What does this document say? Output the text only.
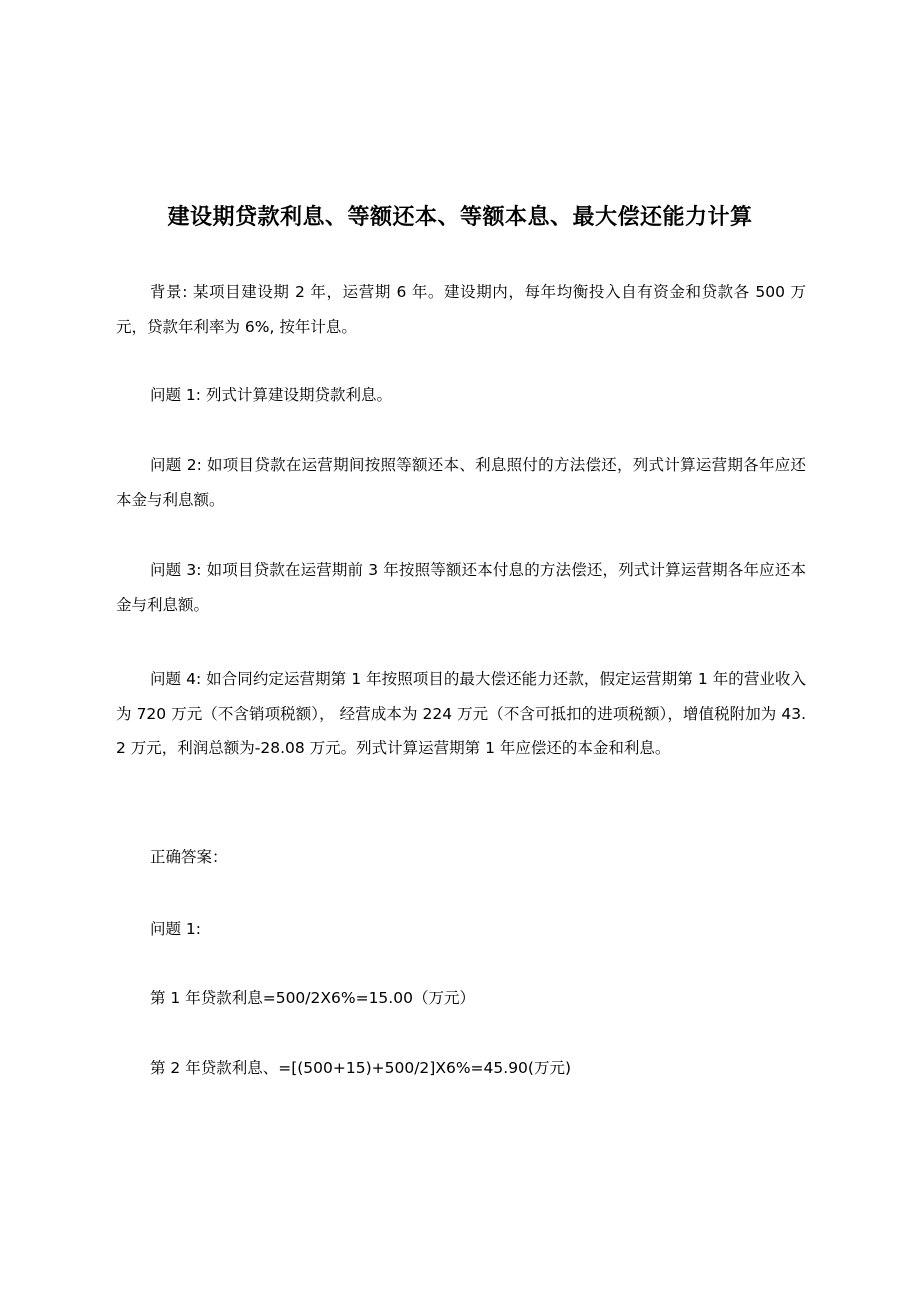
建设期贷款利息、等额还本、等额本息、最大偿还能力计算

背景: 某项目建设期 2 年，运营期 6 年。建设期内，每年均衡投入自有资金和贷款各 500 万元，贷款年利率为 6%, 按年计息。

问题 1: 列式计算建设期贷款利息。

问题 2: 如项目贷款在运营期间按照等额还本、利息照付的方法偿还，列式计算运营期各年应还本金与利息额。

问题 3: 如项目贷款在运营期前 3 年按照等额还本付息的方法偿还，列式计算运营期各年应还本金与利息额。

问题 4: 如合同约定运营期第 1 年按照项目的最大偿还能力还款，假定运营期第 1 年的营业收入为 720 万元（不含销项税额）， 经营成本为 224 万元（不含可抵扣的进项税额），增值税附加为 43.2 万元，利润总额为-28.08 万元。列式计算运营期第 1 年应偿还的本金和利息。

正确答案：

问题 1:

第 1 年贷款利息=500/2X6%=15.00（万元）

第 2 年贷款利息、=[(500+15)+500/2]X6%=45.90(万元)
